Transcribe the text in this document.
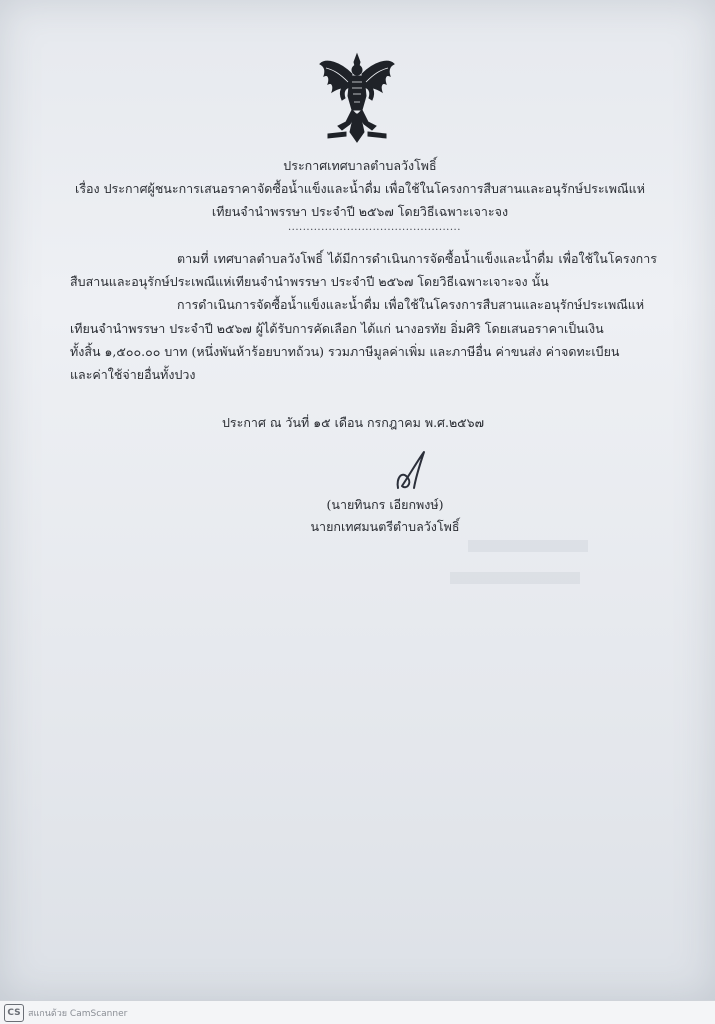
ประกาศเทศบาลตำบลวังโพธิ์
เรื่อง ประกาศผู้ชนะการเสนอราคาจัดซื้อน้ำแข็งและน้ำดื่ม เพื่อใช้ในโครงการสืบสานและอนุรักษ์ประเพณีแห่
เทียนจำนำพรรษา ประจำปี ๒๕๖๗ โดยวิธีเฉพาะเจาะจง
...............................................
ตามที่ เทศบาลตำบลวังโพธิ์ ได้มีการดำเนินการจัดซื้อน้ำแข็งและน้ำดื่ม เพื่อใช้ในโครงการ
สืบสานและอนุรักษ์ประเพณีแห่เทียนจำนำพรรษา ประจำปี ๒๕๖๗ โดยวิธีเฉพาะเจาะจง นั้น
การดำเนินการจัดซื้อน้ำแข็งและน้ำดื่ม เพื่อใช้ในโครงการสืบสานและอนุรักษ์ประเพณีแห่
เทียนจำนำพรรษา ประจำปี ๒๕๖๗ ผู้ได้รับการคัดเลือก ได้แก่ นางอรทัย อิ่มศิริ โดยเสนอราคาเป็นเงิน
ทั้งสิ้น ๑,๕๐๐.๐๐ บาท (หนึ่งพันห้าร้อยบาทถ้วน) รวมภาษีมูลค่าเพิ่ม และภาษีอื่น ค่าขนส่ง ค่าจดทะเบียน
และค่าใช้จ่ายอื่นทั้งปวง
ประกาศ ณ วันที่ ๑๕ เดือน กรกฎาคม พ.ศ.๒๕๖๗
(นายทินกร เอียกพงษ์)
นายกเทศมนตรีตำบลวังโพธิ์
CS สแกนด้วย CamScanner
